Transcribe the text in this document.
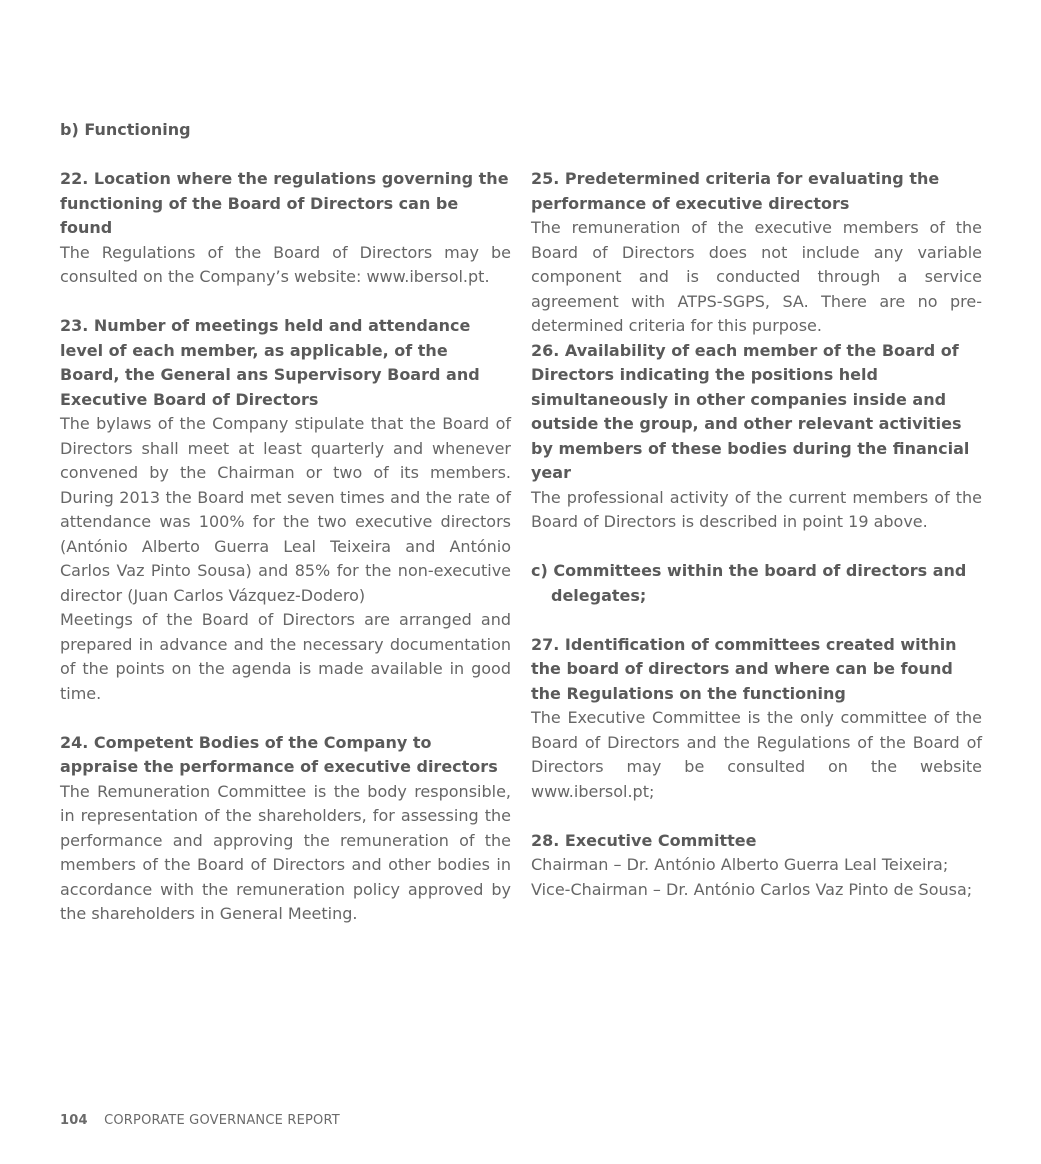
b) Functioning

22. Location where the regulations governing the functioning of the Board of Directors can be found

The Regulations of the Board of Directors may be consulted on the Company’s website: www.ibersol.pt.

23. Number of meetings held and attendance level of each member, as applicable, of the Board, the General ans Supervisory Board and Executive Board of Directors

The bylaws of the Company stipulate that the Board of Directors shall meet at least quarterly and whenever convened by the Chairman or two of its members. During 2013 the Board met seven times and the rate of attendance was 100% for the two executive directors (António Alberto Guerra Leal Teixeira and António Carlos Vaz Pinto Sousa) and 85% for the non-executive director (Juan Carlos Vázquez-Dodero)

Meetings of the Board of Directors are arranged and prepared in advance and the necessary documentation of the points on the agenda is made available in good time.

24. Competent Bodies of the Company to appraise the performance of executive directors

The Remuneration Committee is the body responsible, in representation of the shareholders, for assessing the performance and approving the remuneration of the members of the Board of Directors and other bodies in accordance with the remuneration policy approved by the shareholders in General Meeting.

25. Predetermined criteria for evaluating the performance of executive directors

The remuneration of the executive members of the Board of Directors does not include any variable component and is conducted through a service agreement with ATPS-SGPS, SA. There are no pre-determined criteria for this purpose.

26. Availability of each member of the Board of Directors indicating the positions held simultaneously in other companies inside and outside the group, and other relevant activities by members of these bodies during the financial year

The professional activity of the current members of the Board of Directors is described in point 19 above.

c) Committees within the board of directors and delegates;

27. Identification of committees created within the board of directors and where can be found the Regulations on the functioning

The Executive Committee is the only committee of the Board of Directors and the Regulations of the Board of Directors may be consulted on the website www.ibersol.pt;

28. Executive Committee

Chairman – Dr. António Alberto Guerra Leal Teixeira;

Vice-Chairman – Dr. António Carlos Vaz Pinto de Sousa;

104 CORPORATE GOVERNANCE REPORT
